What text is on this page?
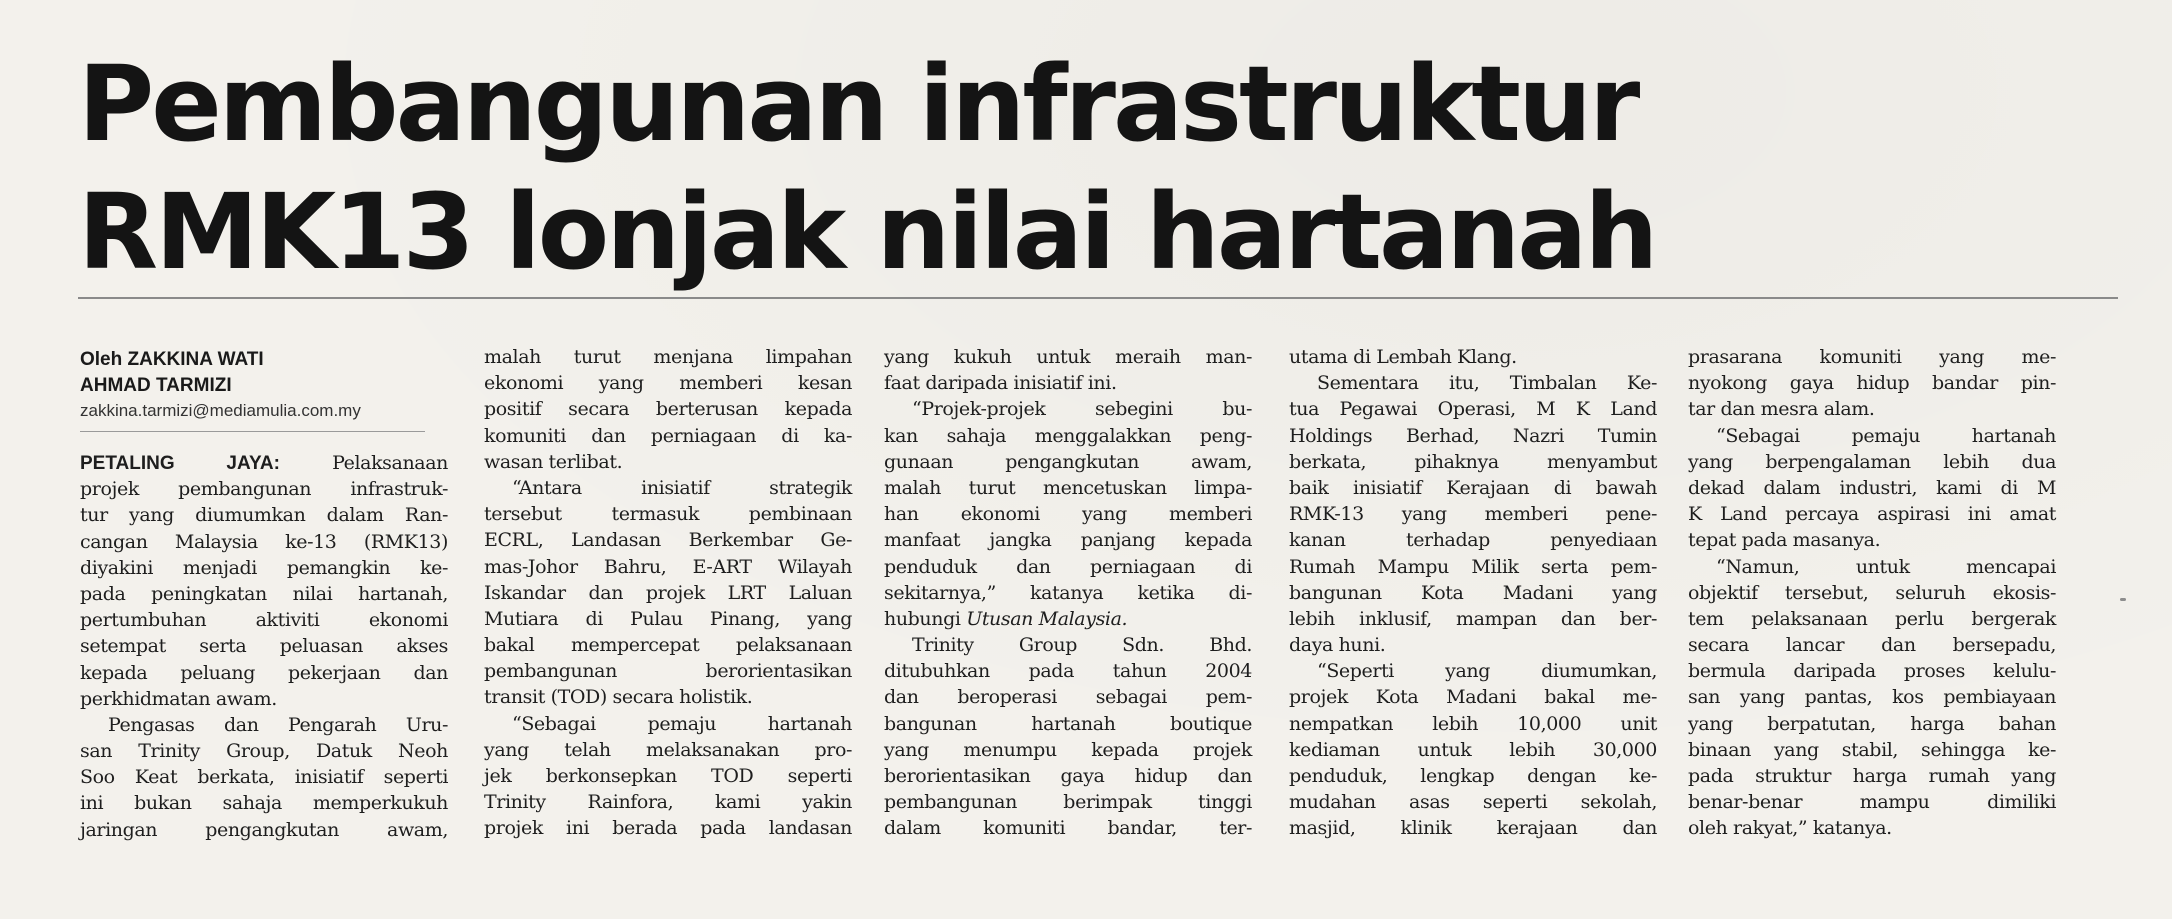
Pembangunan infrastruktur
RMK13 lonjak nilai hartanah
Oleh ZAKKINA WATI
AHMAD TARMIZI
zakkina.tarmizi@mediamulia.com.my
PETALING JAYA: Pelaksanaan
projek pembangunan infrastruk-
tur yang diumumkan dalam Ran-
cangan Malaysia ke-13 (RMK13)
diyakini menjadi pemangkin ke-
pada peningkatan nilai hartanah,
pertumbuhan aktiviti ekonomi
setempat serta peluasan akses
kepada peluang pekerjaan dan
perkhidmatan awam.
Pengasas dan Pengarah Uru-
san Trinity Group, Datuk Neoh
Soo Keat berkata, inisiatif seperti
ini bukan sahaja memperkukuh
jaringan pengangkutan awam,
malah turut menjana limpahan
ekonomi yang memberi kesan
positif secara berterusan kepada
komuniti dan perniagaan di ka-
wasan terlibat.
“Antara inisiatif strategik
tersebut termasuk pembinaan
ECRL, Landasan Berkembar Ge-
mas-Johor Bahru, E-ART Wilayah
Iskandar dan projek LRT Laluan
Mutiara di Pulau Pinang, yang
bakal mempercepat pelaksanaan
pembangunan berorientasikan
transit (TOD) secara holistik.
“Sebagai pemaju hartanah
yang telah melaksanakan pro-
jek berkonsepkan TOD seperti
Trinity Rainfora, kami yakin
projek ini berada pada landasan
yang kukuh untuk meraih man-
faat daripada inisiatif ini.
“Projek-projek sebegini bu-
kan sahaja menggalakkan peng-
gunaan pengangkutan awam,
malah turut mencetuskan limpa-
han ekonomi yang memberi
manfaat jangka panjang kepada
penduduk dan perniagaan di
sekitarnya,” katanya ketika di-
hubungi Utusan Malaysia.
Trinity Group Sdn. Bhd.
ditubuhkan pada tahun 2004
dan beroperasi sebagai pem-
bangunan hartanah boutique
yang menumpu kepada projek
berorientasikan gaya hidup dan
pembangunan berimpak tinggi
dalam komuniti bandar, ter-
utama di Lembah Klang.
Sementara itu, Timbalan Ke-
tua Pegawai Operasi, M K Land
Holdings Berhad, Nazri Tumin
berkata, pihaknya menyambut
baik inisiatif Kerajaan di bawah
RMK-13 yang memberi pene-
kanan terhadap penyediaan
Rumah Mampu Milik serta pem-
bangunan Kota Madani yang
lebih inklusif, mampan dan ber-
daya huni.
“Seperti yang diumumkan,
projek Kota Madani bakal me-
nempatkan lebih 10,000 unit
kediaman untuk lebih 30,000
penduduk, lengkap dengan ke-
mudahan asas seperti sekolah,
masjid, klinik kerajaan dan
prasarana komuniti yang me-
nyokong gaya hidup bandar pin-
tar dan mesra alam.
“Sebagai pemaju hartanah
yang berpengalaman lebih dua
dekad dalam industri, kami di M
K Land percaya aspirasi ini amat
tepat pada masanya.
“Namun, untuk mencapai
objektif tersebut, seluruh ekosis-
tem pelaksanaan perlu bergerak
secara lancar dan bersepadu,
bermula daripada proses kelulu-
san yang pantas, kos pembiayaan
yang berpatutan, harga bahan
binaan yang stabil, sehingga ke-
pada struktur harga rumah yang
benar-benar mampu dimiliki
oleh rakyat,” katanya.
